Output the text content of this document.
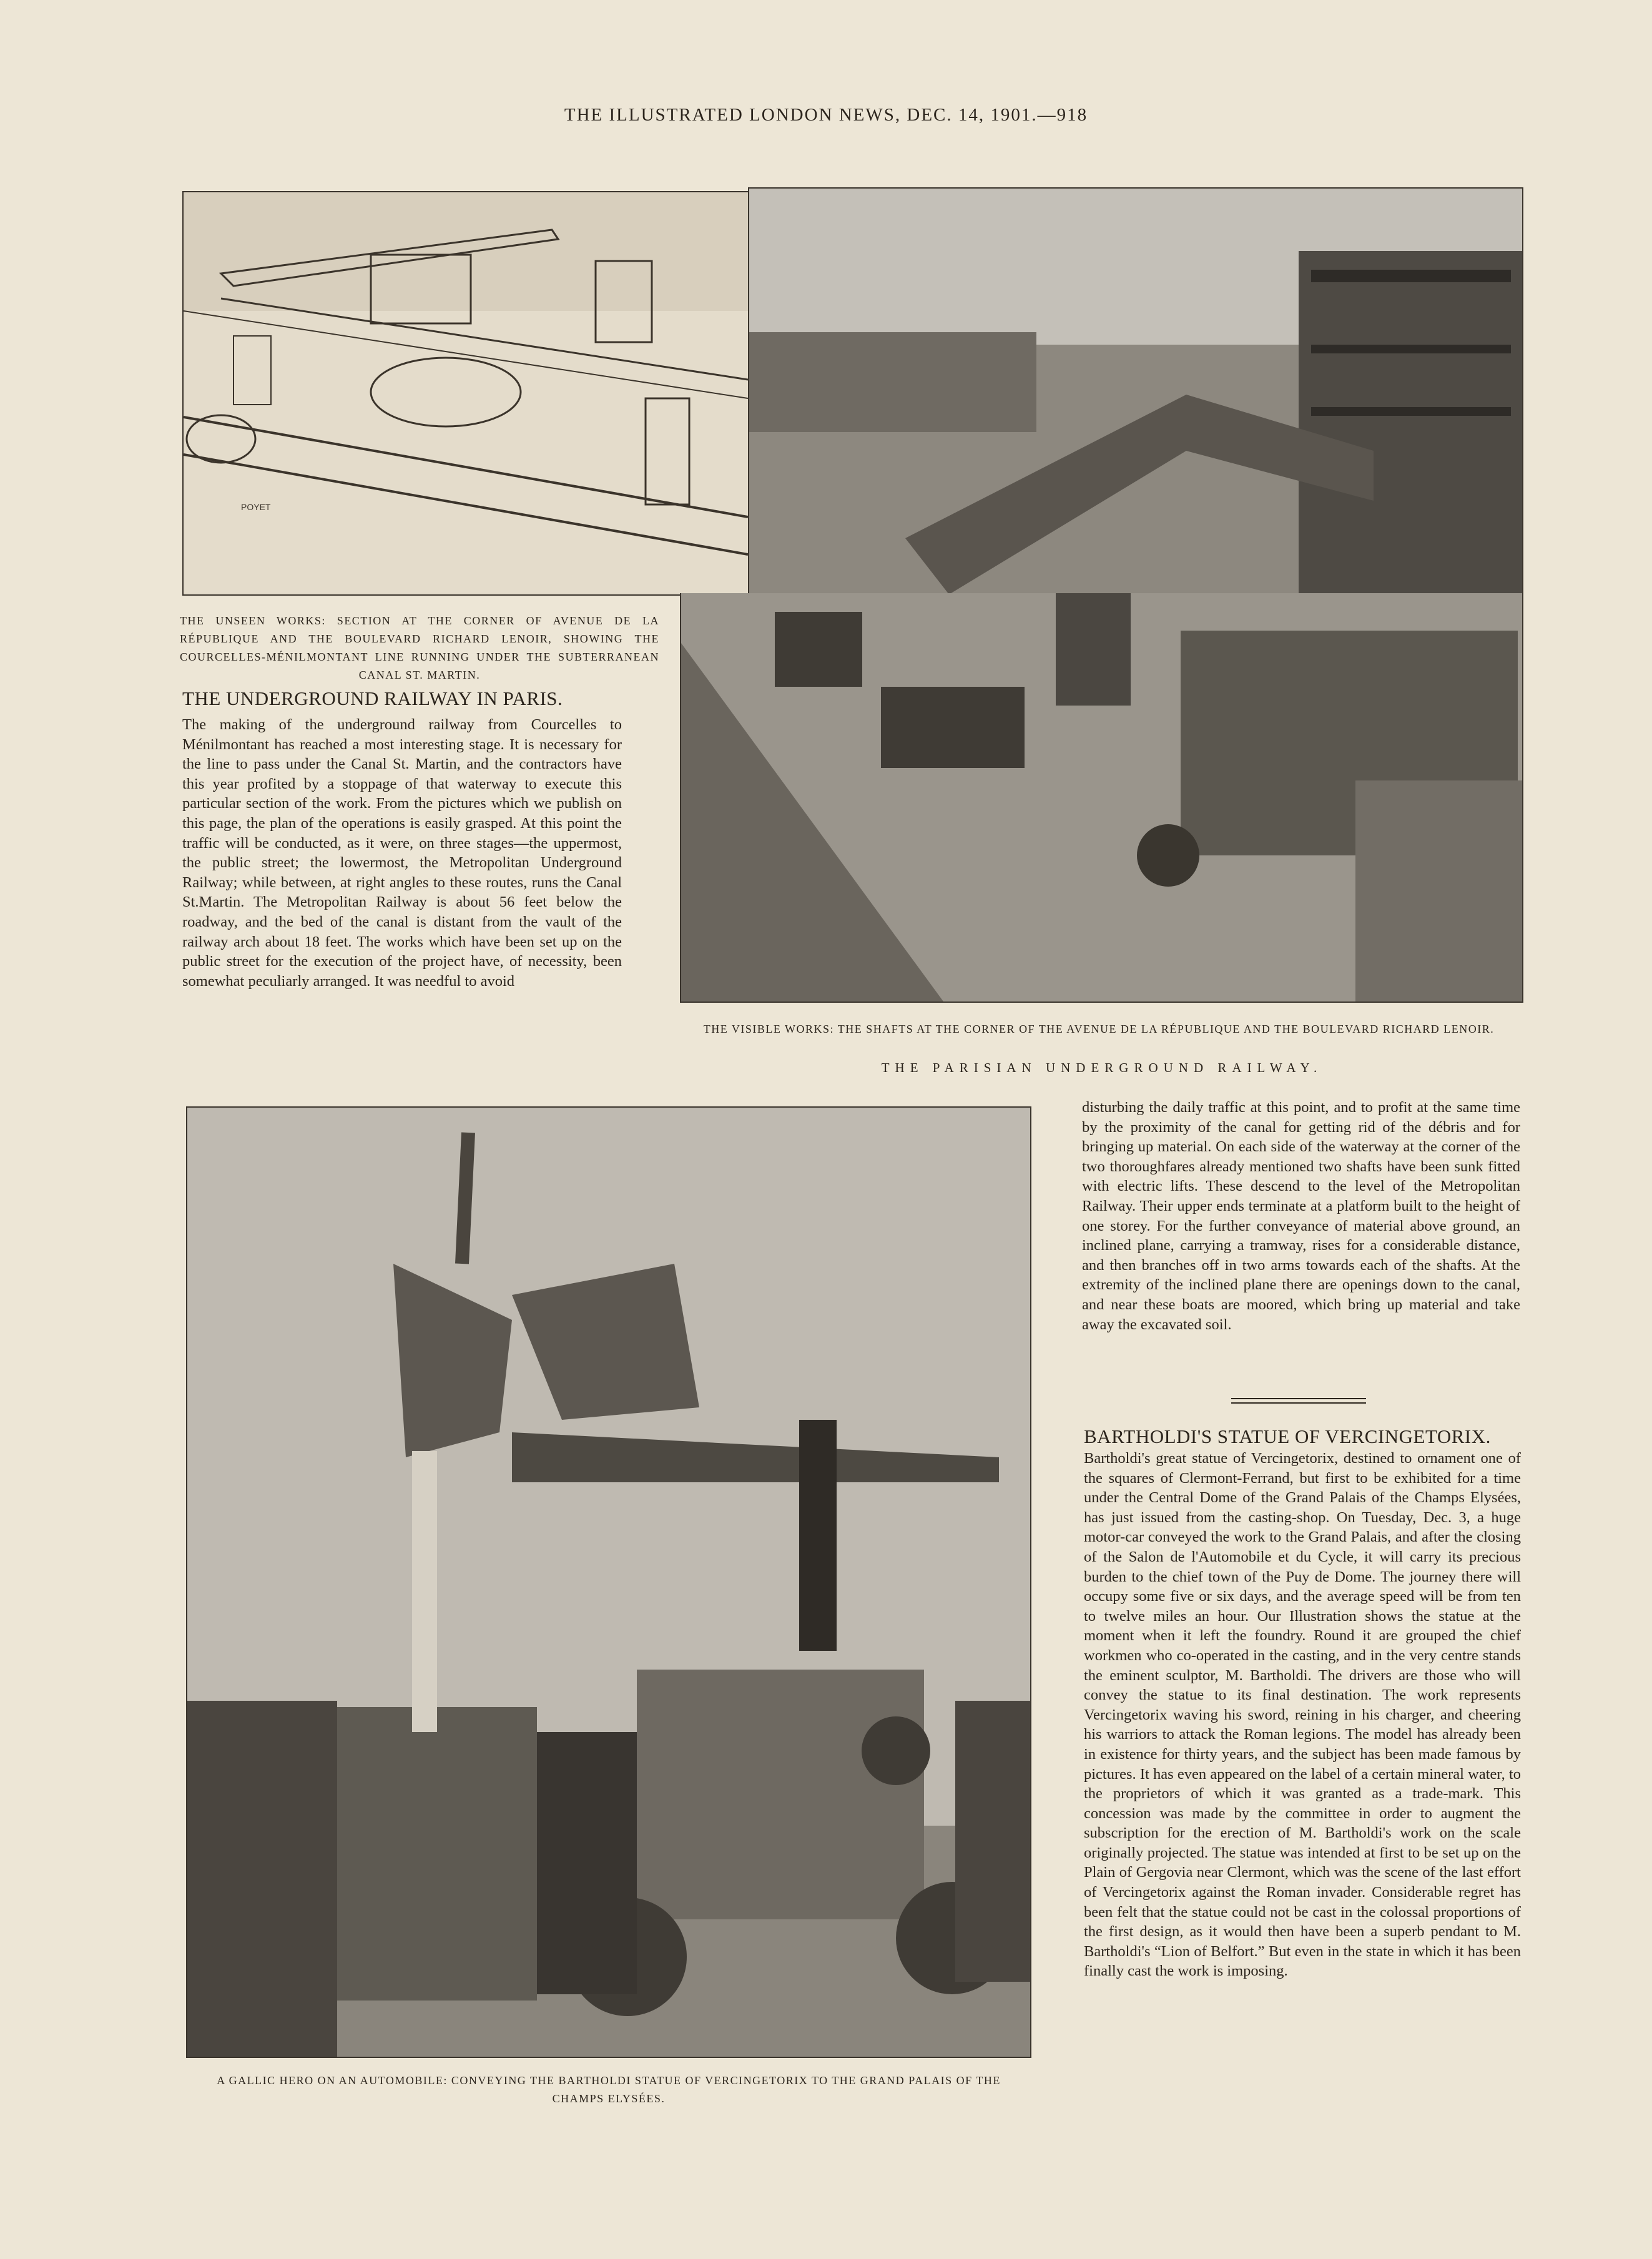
THE ILLUSTRATED LONDON NEWS, DEC. 14, 1901.—918
POYET
THE UNSEEN WORKS: SECTION AT THE CORNER OF AVENUE DE LA RÉPUBLIQUE AND THE BOULEVARD RICHARD LENOIR, SHOWING THE COURCELLES-MÉNILMONTANT LINE RUNNING UNDER THE SUBTERRANEAN CANAL ST. MARTIN.
THE UNDERGROUND RAILWAY IN PARIS.
The making of the underground railway from Courcelles to Ménilmontant has reached a most interesting stage. It is necessary for the line to pass under the Canal St. Martin, and the contractors have this year profited by a stoppage of that waterway to execute this particular section of the work. From the pictures which we publish on this page, the plan of the operations is easily grasped. At this point the traffic will be conducted, as it were, on three stages—the uppermost, the public street; the lowermost, the Metropolitan Underground Railway; while between, at right angles to these routes, runs the Canal St.Martin. The Metropolitan Railway is about 56 feet below the roadway, and the bed of the canal is distant from the vault of the railway arch about 18 feet. The works which have been set up on the public street for the execution of the project have, of necessity, been somewhat peculiarly arranged. It was needful to avoid
THE VISIBLE WORKS: THE SHAFTS AT THE CORNER OF THE AVENUE DE LA RÉPUBLIQUE AND THE BOULEVARD RICHARD LENOIR.
THE PARISIAN UNDERGROUND RAILWAY.
A GALLIC HERO ON AN AUTOMOBILE: CONVEYING THE BARTHOLDI STATUE OF VERCINGETORIX TO THE GRAND PALAIS OF THE CHAMPS ELYSÉES.
disturbing the daily traffic at this point, and to profit at the same time by the proximity of the canal for getting rid of the débris and for bringing up material. On each side of the waterway at the corner of the two thoroughfares already mentioned two shafts have been sunk fitted with electric lifts. These descend to the level of the Metropolitan Railway. Their upper ends terminate at a platform built to the height of one storey. For the further conveyance of material above ground, an inclined plane, carrying a tramway, rises for a considerable distance, and then branches off in two arms towards each of the shafts. At the extremity of the inclined plane there are openings down to the canal, and near these boats are moored, which bring up material and take away the excavated soil.
BARTHOLDI'S STATUE OF VERCINGETORIX.
Bartholdi's great statue of Vercingetorix, destined to ornament one of the squares of Clermont-Ferrand, but first to be exhibited for a time under the Central Dome of the Grand Palais of the Champs Elysées, has just issued from the casting-shop. On Tuesday, Dec. 3, a huge motor-car conveyed the work to the Grand Palais, and after the closing of the Salon de l'Automobile et du Cycle, it will carry its precious burden to the chief town of the Puy de Dome. The journey there will occupy some five or six days, and the average speed will be from ten to twelve miles an hour. Our Illustration shows the statue at the moment when it left the foundry. Round it are grouped the chief workmen who co-operated in the casting, and in the very centre stands the eminent sculptor, M. Bartholdi. The drivers are those who will convey the statue to its final destination. The work represents Vercingetorix waving his sword, reining in his charger, and cheering his warriors to attack the Roman legions. The model has already been in existence for thirty years, and the subject has been made famous by pictures. It has even appeared on the label of a certain mineral water, to the proprietors of which it was granted as a trade-mark. This concession was made by the committee in order to augment the subscription for the erection of M. Bartholdi's work on the scale originally projected. The statue was intended at first to be set up on the Plain of Gergovia near Clermont, which was the scene of the last effort of Vercingetorix against the Roman invader. Considerable regret has been felt that the statue could not be cast in the colossal proportions of the first design, as it would then have been a superb pendant to M. Bartholdi's “Lion of Belfort.” But even in the state in which it has been finally cast the work is imposing.
